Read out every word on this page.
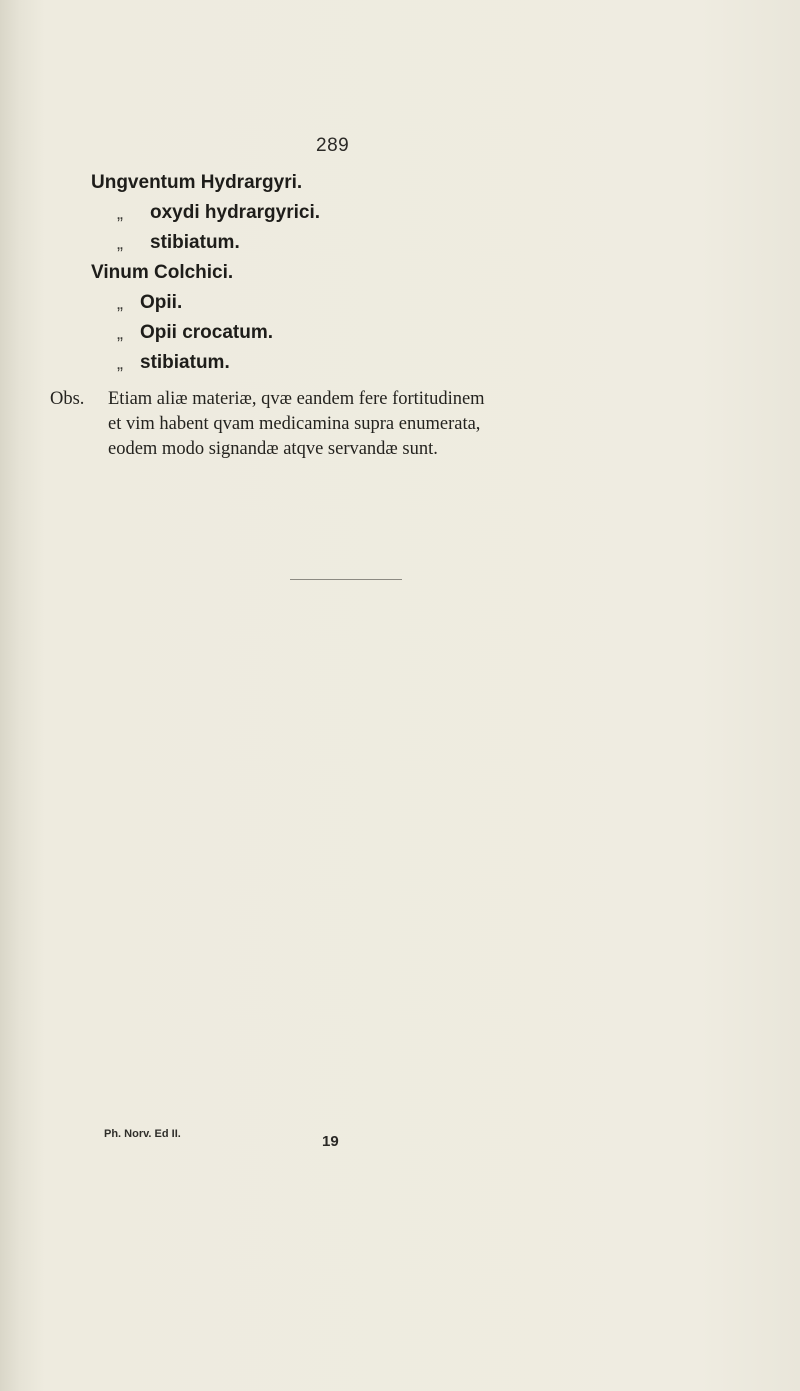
289
Ungventum Hydrargyri.
„ oxydi hydrargyrici.
„ stibiatum.
Vinum Colchici.
„ Opii.
„ Opii crocatum.
„ stibiatum.
Obs. Etiam aliæ materiæ, qvæ eandem fere fortitudinem
et vim habent qvam medicamina supra enumerata,
eodem modo signandæ atqve servandæ sunt.
Ph. Norv. Ed II.	19
